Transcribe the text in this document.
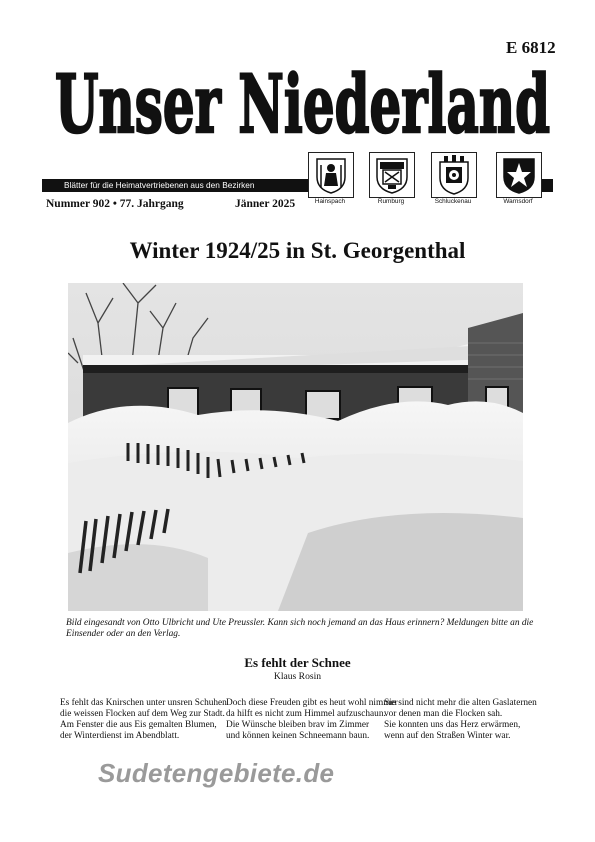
E 6812
Unser Niederland
Blätter für die Heimatvertriebenen aus den Bezirken
Nummer 902 • 77. Jahrgang	Jänner 2025	Hainspach	Rumburg	Schluckenau	Warnsdorf
Winter 1924/25 in St. Georgenthal
Bild eingesandt von Otto Ulbricht und Ute Preussler. Kann sich noch jemand an das Haus erinnern? Meldungen bitte an die Einsender oder an den Verlag.
Es fehlt der Schnee
Klaus Rosin
Es fehlt das Knirschen unter unsren Schuhen
die weissen Flocken auf dem Weg zur Stadt.
Am Fenster die aus Eis gemalten Blumen,
der Winterdienst im Abendblatt.
Doch diese Freuden gibt es heut wohl nimmer
da hilft es nicht zum Himmel aufzuschaun.
Die Wünsche bleiben brav im Zimmer
und können keinen Schneemann baun.
Sie sind nicht mehr die alten Gaslaternen
vor denen man die Flocken sah.
Sie konnten uns das Herz erwärmen,
wenn auf den Straßen Winter war.
Sudetengebiete.de
